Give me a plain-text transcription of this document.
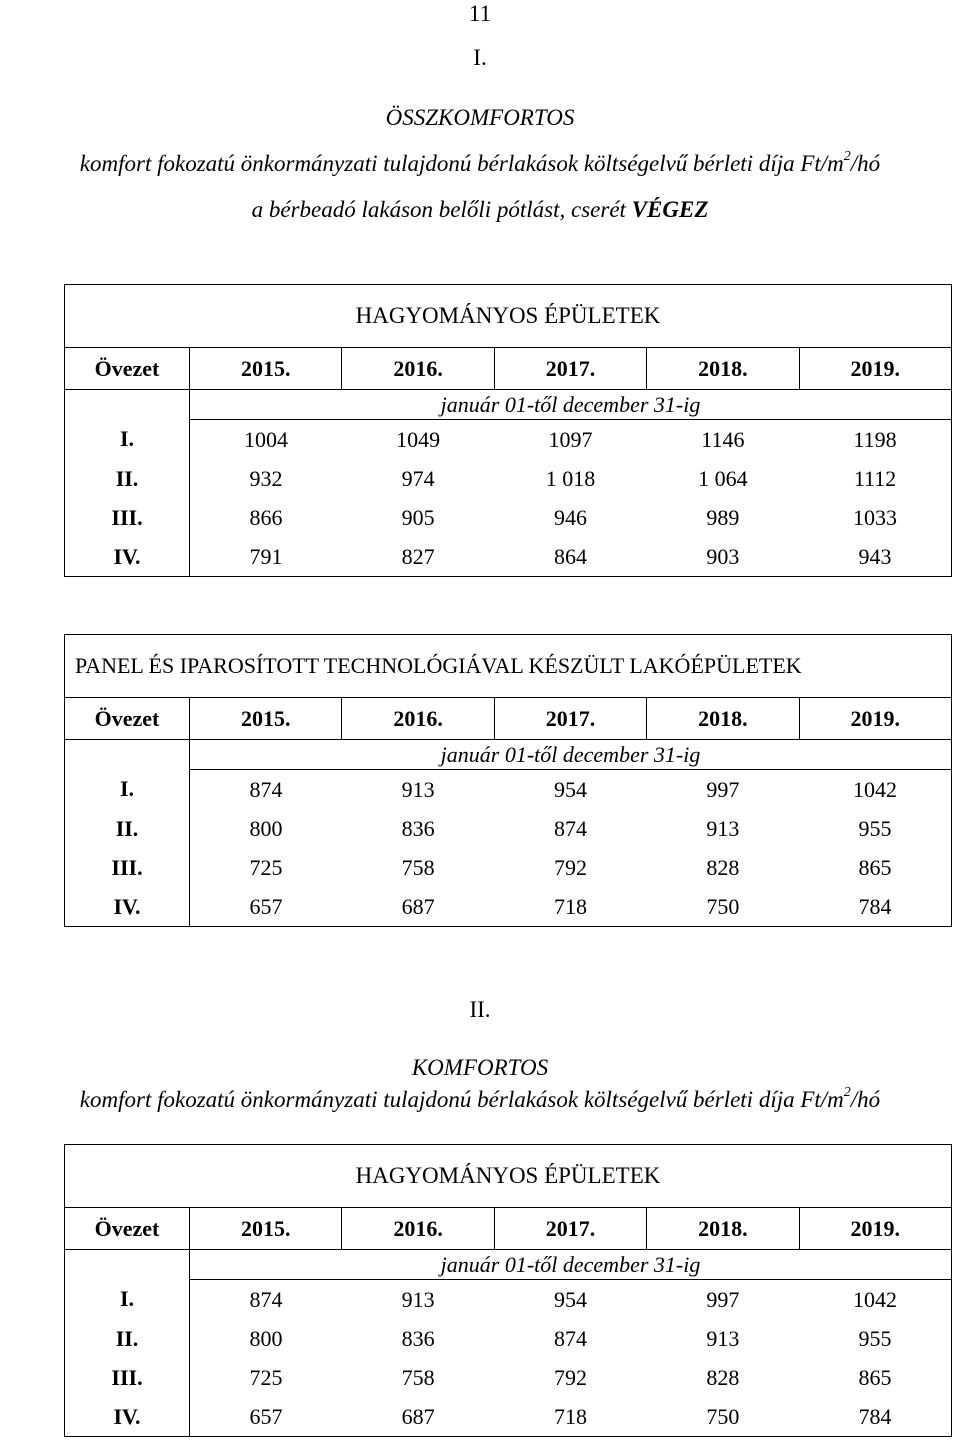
11
I.
ÖSSZKOMFORTOS
komfort fokozatú önkormányzati tulajdonú bérlakások költségelvű bérleti díja $Ft/m^2/hó$
a bérbeadó lakáson belőli pótlást, cserét VÉGEZ
HAGYOMÁNYOS ÉPÜLETEK					
Övezet	2015.	2016.	2017.	2018.	2019.
	január 01-től december 31-ig				
I.	1004	1049	1097	1146	1198
II.	932	974	1 018	1 064	1112
III.	866	905	946	989	1033
IV.	791	827	864	903	943
PANEL ÉS IPAROSÍTOTT TECHNOLÓGIÁVAL KÉSZÜLT LAKÓÉPÜLETEK					
Övezet	2015.	2016.	2017.	2018.	2019.
	január 01-től december 31-ig				
I.	874	913	954	997	1042
II.	800	836	874	913	955
III.	725	758	792	828	865
IV.	657	687	718	750	784
II.
KOMFORTOS
komfort fokozatú önkormányzati tulajdonú bérlakások költségelvű bérleti díja $Ft/m^2/hó$
HAGYOMÁNYOS ÉPÜLETEK					
Övezet	2015.	2016.	2017.	2018.	2019.
	január 01-től december 31-ig				
I.	874	913	954	997	1042
II.	800	836	874	913	955
III.	725	758	792	828	865
IV.	657	687	718	750	784
